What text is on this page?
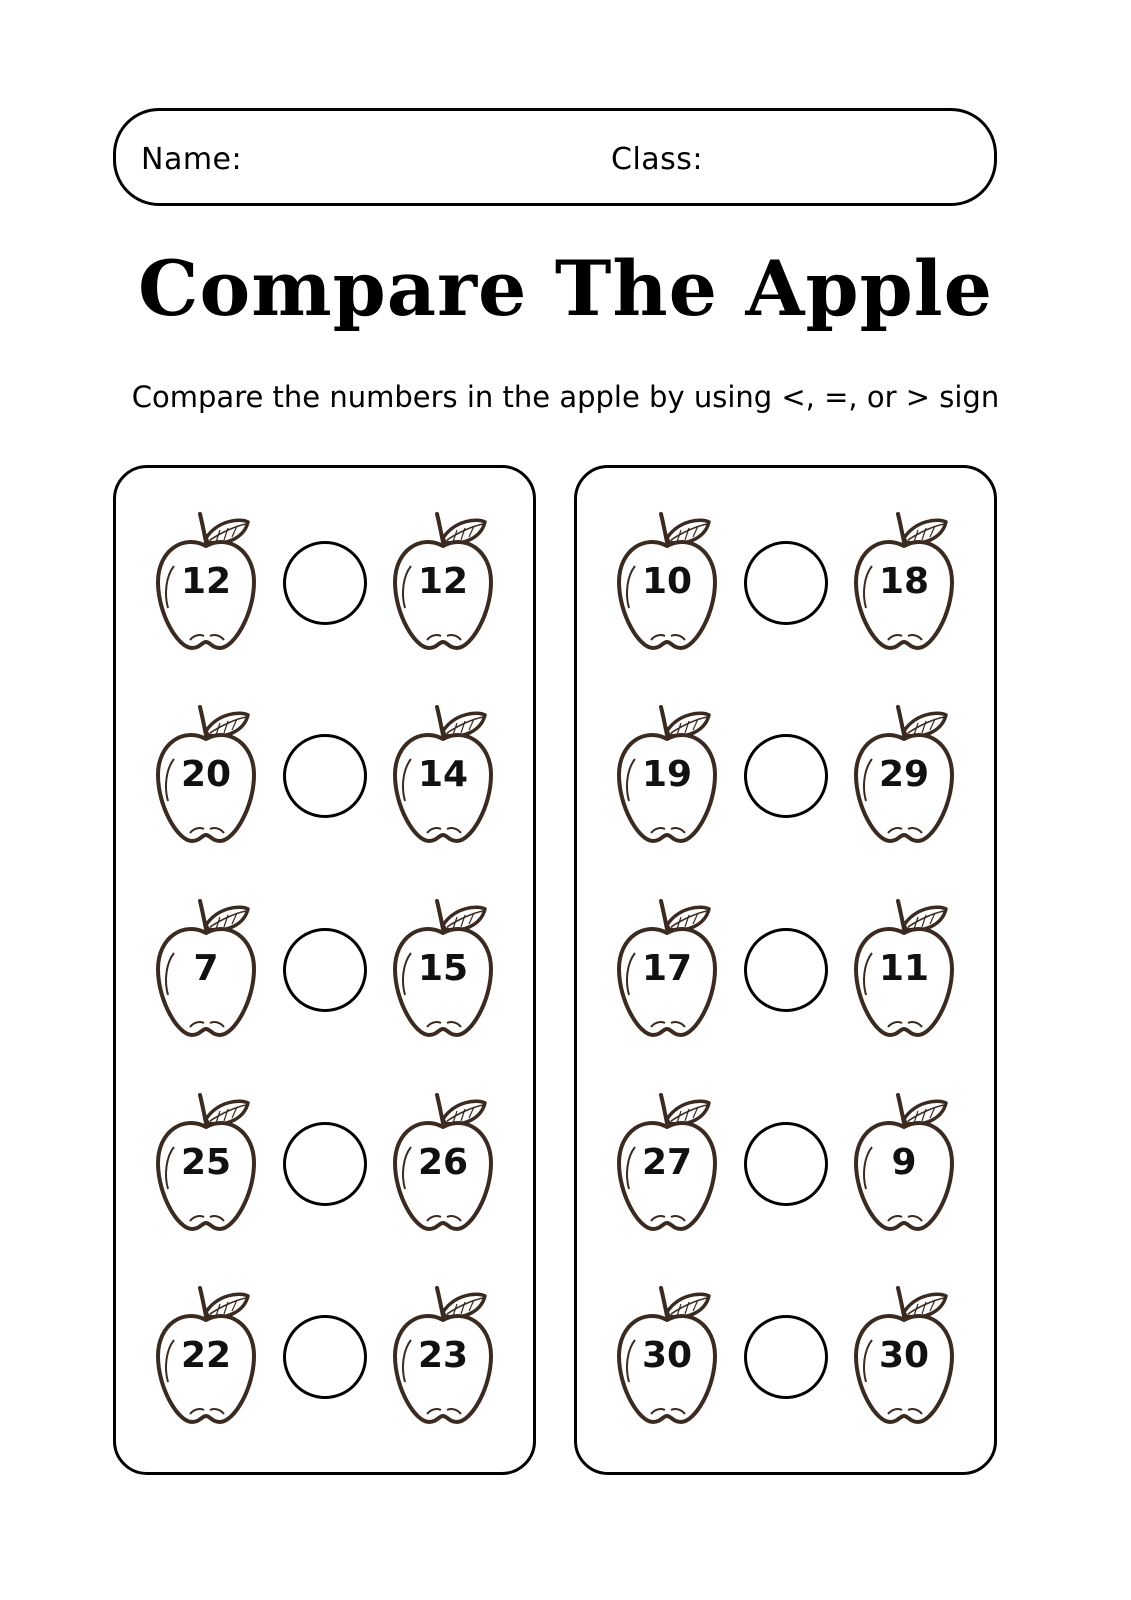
Name:	Class:
Compare The Apple
Compare the numbers in the apple by using <, =, or > sign
12	12
20	14
7	15
25	26
22	23
10	18
19	29
17	11
27	9
30	30
